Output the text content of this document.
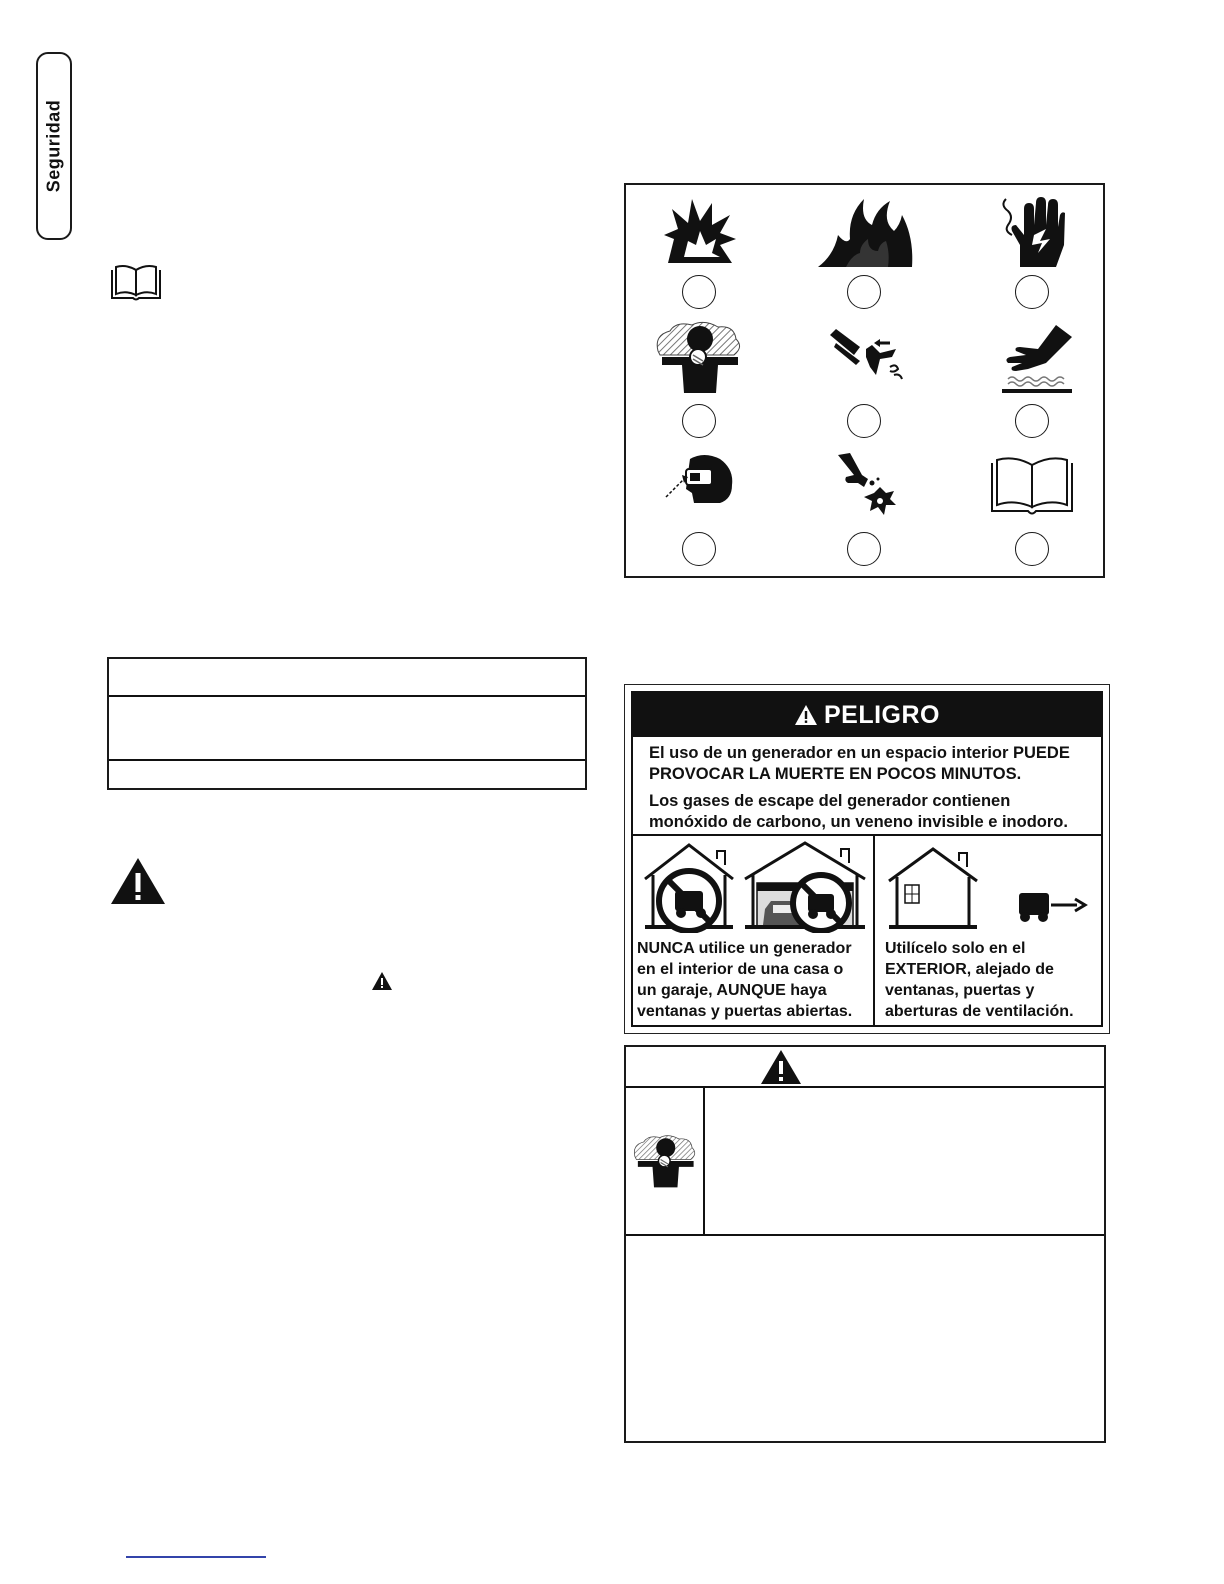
Seguridad
PELIGRO
El uso de un generador en un espacio interior PUEDE
PROVOCAR LA MUERTE EN POCOS MINUTOS.
Los gases de escape del generador contienen
monóxido de carbono, un veneno invisible e inodoro.
NUNCA utilice un generador
en el interior de una casa o
un garaje, AUNQUE haya
ventanas y puertas abiertas.
Utilícelo solo en el
EXTERIOR, alejado de
ventanas, puertas y
aberturas de ventilación.
